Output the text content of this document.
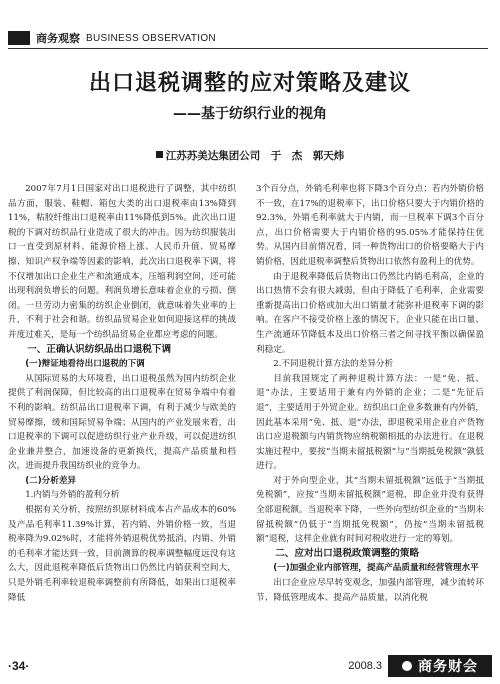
商务观察 BUSINESS OBSERVATION
出口退税调整的应对策略及建议
——基于纺织行业的视角
江苏苏美达集团公司　于　杰　郭天炜

2007年7月1日国家对出口退税进行了调整，其中纺织品方面，服装、鞋帽、箱包大类的出口退税率由13%降到11%，粘胶纤维出口退税率由11%降低到5%。此次出口退税的下调对纺织品行业造成了很大的冲击。因为纺织服装出口一直受到原材料、能源价格上涨、人民币升值、贸易摩擦、知识产权争端等因素的影响，此次出口退税率下调，将不仅增加出口企业生产和流通成本，压缩利润空间，还可能出现利润负增长的问题。利润负增长意味着企业的亏损、倒闭。一旦劳动力密集的纺织企业倒闭，就意味着失业率的上升，不利于社会和谐。纺织品贸易企业如何迎接这样的挑战并度过难关，是每一个纺织品贸易企业都应考虑的问题。

一、正确认识纺织品出口退税下调

(一)辩证地看待出口退税的下调

从国际贸易的大环境看，出口退税虽然为国内纺织企业提供了利润保障，但比较高的出口退税率在贸易争端中有着不利的影响。纺织品出口退税率下调，有利于减少与欧美的贸易摩擦，缓和国际贸易争端；从国内的产业发展来看，出口退税率的下调可以促进纺织行业产业升级，可以促进纺织企业兼并整合，加速设备的更新换代，提高产品质量和档次，进而提升我国纺织业的竞争力。

(二)分析差异

1.内销与外销的盈利分析

根据有关分析，按照纺织原材料成本占产品成本的60%及产品毛利率11.39%计算，若内销、外销价格一致，当退税率降为9.02%时，才能将外销退税优势抵消，内销、外销的毛利率才能达到一致，目前测算的税率调整幅度远没有这么大，因此退税率降低后货物出口仍然比内销获利空间大，只是外销毛利率较退税率调整前有所降低，如果出口退税率降低

3个百分点，外销毛利率也将下降3个百分点；若内外销价格不一致，在17%的退税率下，出口价格只要大于内销价格的92.3%，外销毛利率就大于内销，而一旦税率下调3个百分点，出口价格需要大于内销价格的95.05%才能保持住优势。从国内目前情况看，同一种货物出口的价格要略大于内销价格，因此退税率调整后货物出口依然有盈利上的优势。

由于退税率降低后货物出口仍然比内销毛利高，企业的出口热情不会有很大减弱，但由于降低了毛利率，企业需要重新提高出口价格或加大出口销量才能弥补退税率下调的影响。在客户不接受价格上涨的情况下，企业只能在出口量、生产流通环节降低本及出口价格三者之间寻找平衡以确保盈利稳定。

2.不同退税计算方法的差异分析

目前我国规定了两种退税计算方法：一是“免、抵、退”办法，主要适用于兼有内外销的企业；二是“先征后退”，主要适用于外贸企业。纺织出口企业多数兼有内外销，因此基本采用“免、抵、退”办法，即退税采用企业自产货物出口应退税额与内销货物应纳税额相抵的办法进行。在退税实施过程中，要按“当期未留抵税额”与“当期抵免税额”孰低进行。

对于外向型企业，其“当期未留抵税额”远低于“当期抵免税额”，应按“当期未留抵税额”退税，即企业并没有获得全部退税额。当退税率下降，一些外向型纺织企业的“当期未留抵税额”仍低于“当期抵免税额”，仍按“当期未留抵税额”退税，这样企业就有时间对税收进行一定的筹划。

二、应对出口退税政策调整的策略

(一)加强企业内部管理，提高产品质量和经营管理水平

出口企业应尽早转变观念，加强内部管理，减少流转环节、降低管理成本、提高产品质量，以消化税

·34·	2008.3	商务财会
